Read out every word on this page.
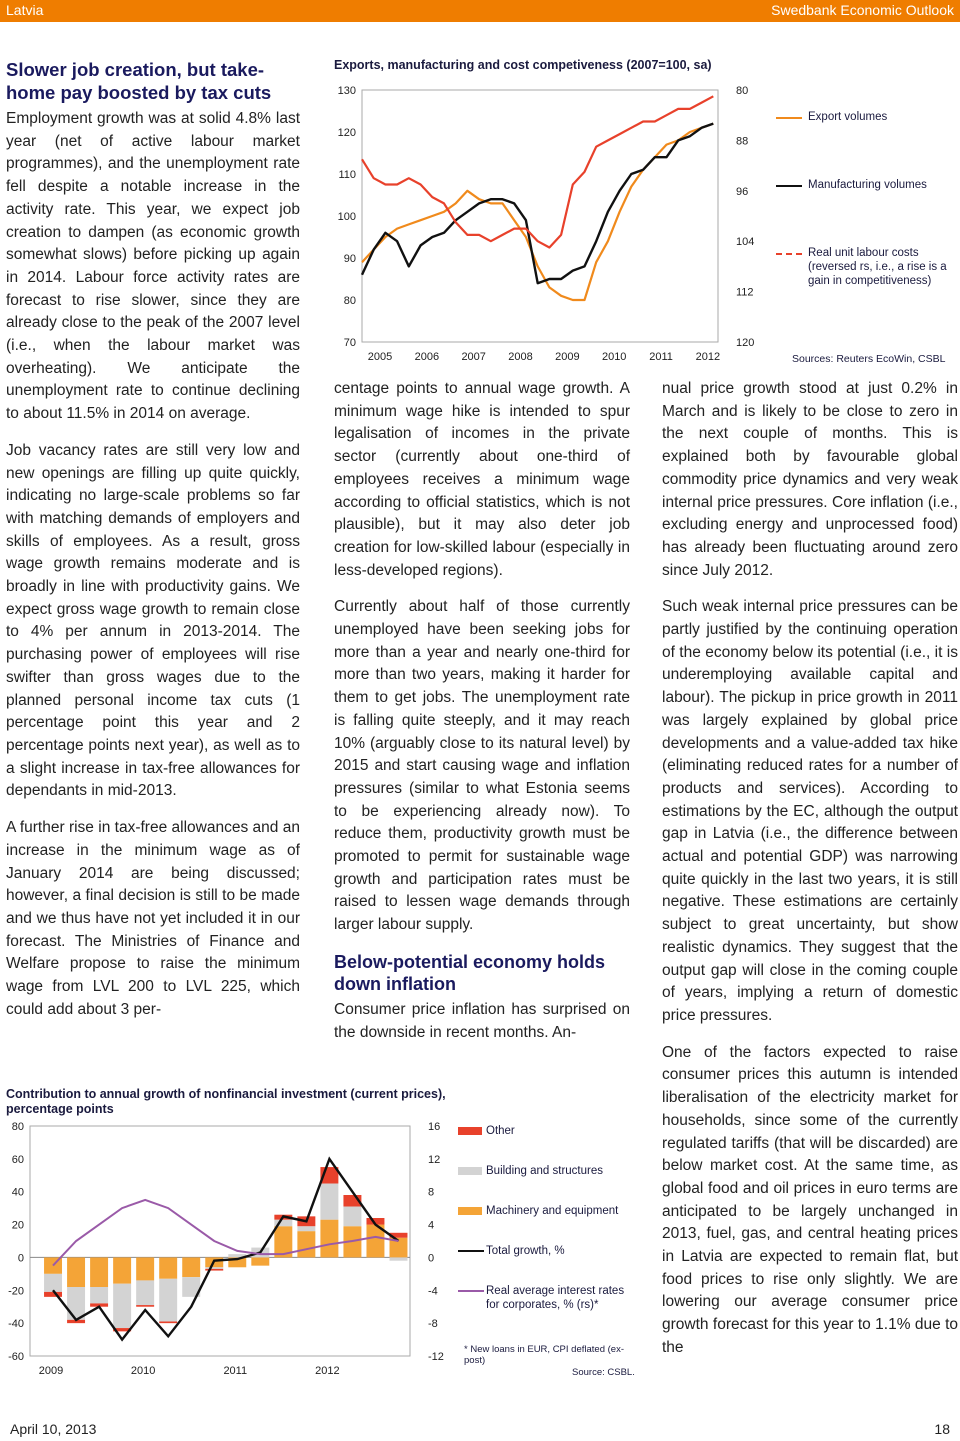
Latvia	Swedbank Economic Outlook
Slower job creation, but take-home pay boosted by tax cuts

Employment growth was at solid 4.8% last year (net of active labour market programmes), and the unemployment rate fell despite a notable increase in the activity rate. This year, we expect job creation to dampen (as economic growth somewhat slows) before picking up again in 2014. Labour force activity rates are forecast to rise slower, since they are already close to the peak of the 2007 level (i.e., when the labour market was overheating). We anticipate the unemployment rate to continue declining to about 11.5% in 2014 on average.

Job vacancy rates are still very low and new openings are filling up quite quickly, indicating no large-scale problems so far with matching demands of employers and skills of employees. As a result, gross wage growth remains moderate and is broadly in line with productivity gains. We expect gross wage growth to remain close to 4% per annum in 2013-2014. The purchasing power of employees will rise swifter than gross wages due to the planned personal income tax cuts (1 percentage point this year and 2 percentage points next year), as well as to a slight increase in tax-free allowances for dependants in mid-2013.

A further rise in tax-free allowances and an increase in the minimum wage as of January 2014 are being discussed; however, a final decision is still to be made and we thus have not yet included it in our forecast. The Ministries of Finance and Welfare propose to raise the minimum wage from LVL 200 to LVL 225, which could add about 3 per-

centage points to annual wage growth. A minimum wage hike is intended to spur legalisation of incomes in the private sector (currently about one-third of employees receives a minimum wage according to official statistics, which is not plausible), but it may also deter job creation for low-skilled labour (especially in less-developed regions).

Currently about half of those currently unemployed have been seeking jobs for more than a year and nearly one-third for more than two years, making it harder for them to get jobs. The unemployment rate is falling quite steeply, and it may reach 10% (arguably close to its natural level) by 2015 and start causing wage and inflation pressures (similar to what Estonia seems to be experiencing already now). To reduce them, productivity growth must be promoted to permit for sustainable wage growth and participation rates must be raised to lessen wage demands through larger labour supply.

Below-potential economy holds down inflation

Consumer price inflation has surprised on the downside in recent months. An-

nual price growth stood at just 0.2% in March and is likely to be close to zero in the next couple of months. This is explained both by favourable global commodity price dynamics and very weak internal price pressures. Core inflation (i.e., excluding energy and unprocessed food) has already been fluctuating around zero since July 2012.

Such weak internal price pressures can be partly justified by the continuing operation of the economy below its potential (i.e., it is underemploying available capital and labour). The pickup in price growth in 2011 was largely explained by global price developments and a value-added tax hike (eliminating reduced rates for a number of products and services). According to estimations by the EC, although the output gap in Latvia (i.e., the difference between actual and potential GDP) was narrowing quite quickly in the last two years, it is still negative. These estimations are certainly subject to great uncertainty, but show realistic dynamics. They suggest that the output gap will close in the coming couple of years, implying a return of domestic price pressures.

One of the factors expected to raise consumer prices this autumn is intended liberalisation of the electricity market for households, since some of the currently regulated tariffs (that will be discarded) are below market cost. At the same time, as global food and oil prices in euro terms are anticipated to be largely unchanged in 2013, fuel, gas, and central heating prices in Latvia are expected to remain flat, but food prices to rise only slightly. We are lowering our average consumer price growth forecast for this year to 1.1% due to the

Exports, manufacturing and cost competiveness (2007=100, sa)
130
120
110
100
90
80
70
80
88
96
104
112
120
2005 2006 2007 2008 2009 2010 2011 2012
Export volumes
Manufacturing volumes
Real unit labour costs (reversed rs, i.e., a rise is a gain in competitiveness)
Sources: Reuters EcoWin, CSBL
Contribution to annual growth of nonfinancial investment (current prices), percentage points
80
60
40
20
0
-20
-40
-60
16
12
8
4
0
-4
-8
-12
2009	2010	2011	2012
Other
Building and structures
Machinery and equipment
Total growth, %
Real average interest rates for corporates, % (rs)*
* New loans in EUR, CPI deflated (ex-post)
Source: CSBL.
April 10, 2013	18
